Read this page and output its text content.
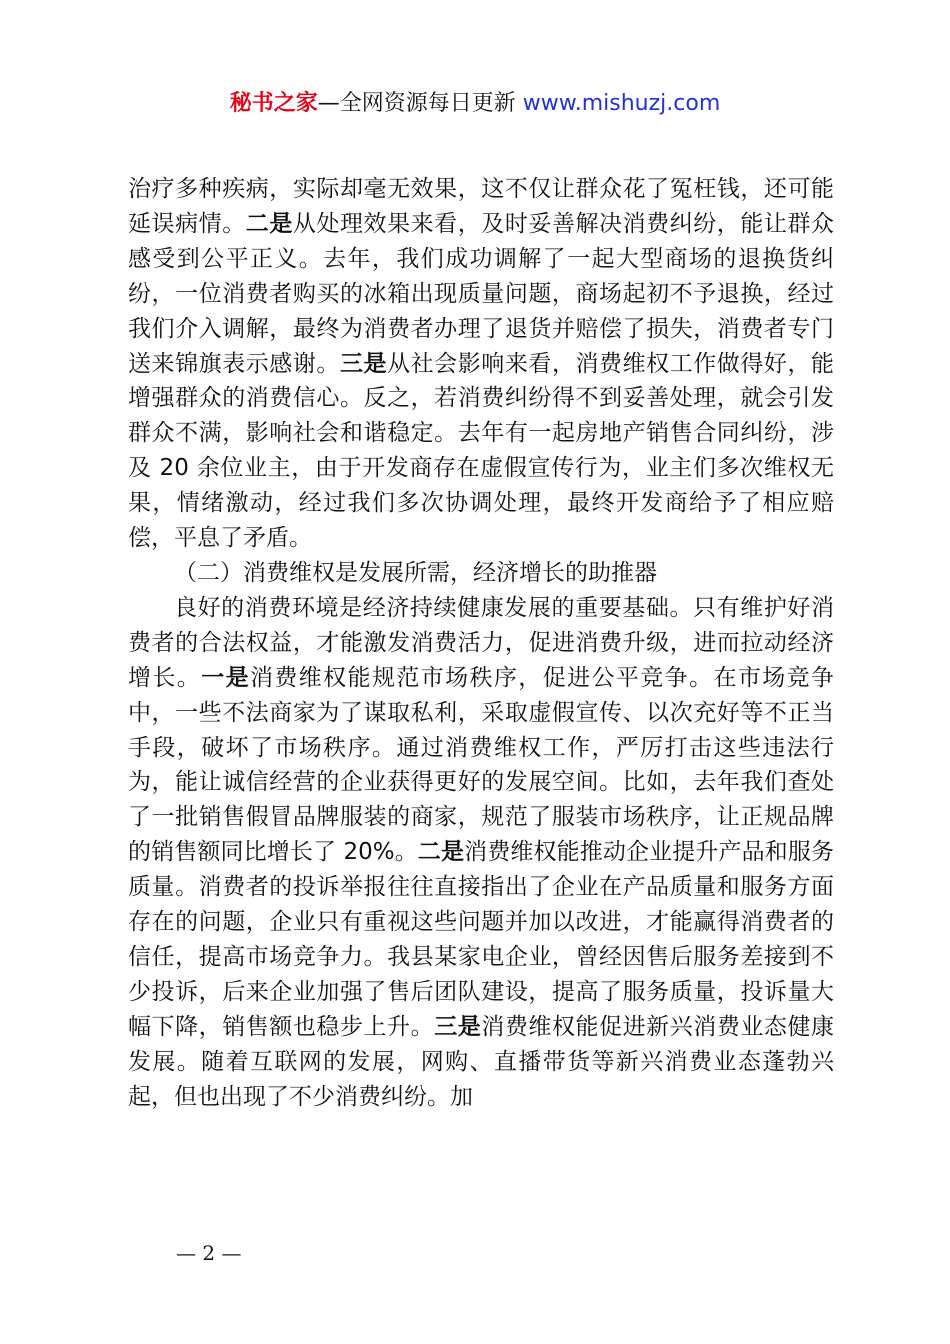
秘书之家—全网资源每日更新 www.mishuzj.com

治疗多种疾病，实际却毫无效果，这不仅让群众花了冤枉钱，还可能延误病情。二是从处理效果来看，及时妥善解决消费纠纷，能让群众感受到公平正义。去年，我们成功调解了一起大型商场的退换货纠纷，一位消费者购买的冰箱出现质量问题，商场起初不予退换，经过我们介入调解，最终为消费者办理了退货并赔偿了损失，消费者专门送来锦旗表示感谢。三是从社会影响来看，消费维权工作做得好，能增强群众的消费信心。反之，若消费纠纷得不到妥善处理，就会引发群众不满，影响社会和谐稳定。去年有一起房地产销售合同纠纷，涉及 20 余位业主，由于开发商存在虚假宣传行为，业主们多次维权无果，情绪激动，经过我们多次协调处理，最终开发商给予了相应赔偿，平息了矛盾。

（二）消费维权是发展所需，经济增长的助推器

良好的消费环境是经济持续健康发展的重要基础。只有维护好消费者的合法权益，才能激发消费活力，促进消费升级，进而拉动经济增长。一是消费维权能规范市场秩序，促进公平竞争。在市场竞争中，一些不法商家为了谋取私利，采取虚假宣传、以次充好等不正当手段，破坏了市场秩序。通过消费维权工作，严厉打击这些违法行为，能让诚信经营的企业获得更好的发展空间。比如，去年我们查处了一批销售假冒品牌服装的商家，规范了服装市场秩序，让正规品牌的销售额同比增长了 20%。二是消费维权能推动企业提升产品和服务质量。消费者的投诉举报往往直接指出了企业在产品质量和服务方面存在的问题，企业只有重视这些问题并加以改进，才能赢得消费者的信任，提高市场竞争力。我县某家电企业，曾经因售后服务差接到不少投诉，后来企业加强了售后团队建设，提高了服务质量，投诉量大幅下降，销售额也稳步上升。三是消费维权能促进新兴消费业态健康发展。随着互联网的发展，网购、直播带货等新兴消费业态蓬勃兴起，但也出现了不少消费纠纷。加

— 2 —
